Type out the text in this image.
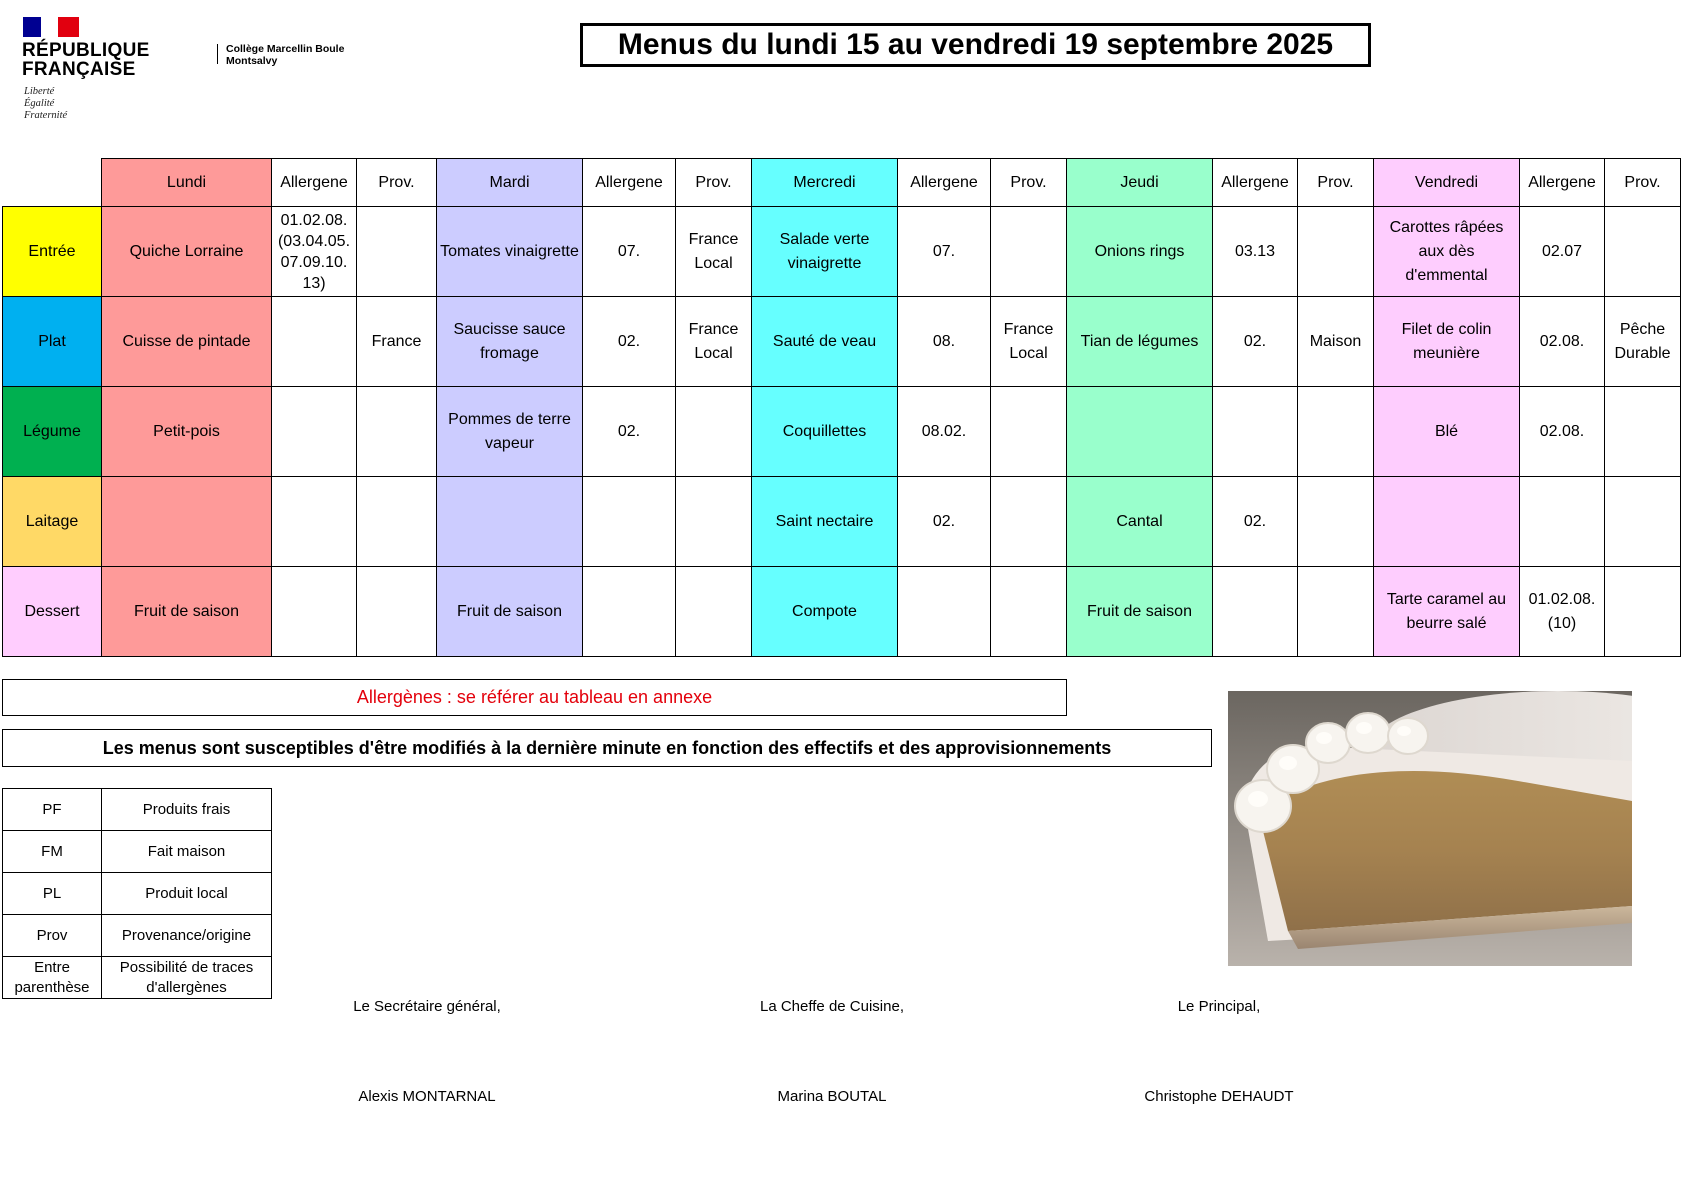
RÉPUBLIQUE
FRANÇAISE
Liberté
Égalité
Fraternité
Collège Marcellin Boule
Montsalvy	Menus du lundi 15 au vendredi 19 septembre 2025
	Lundi	Allergene	Prov.	Mardi	Allergene	Prov.	Mercredi	Allergene	Prov.	Jeudi	Allergene	Prov.	Vendredi	Allergene	Prov.
Entrée	Quiche Lorraine	01.02.08.(03.04.05.07.09.10.13)		Tomates vinaigrette	07.	France Local	Salade verte vinaigrette	07.		Onions rings	03.13		Carottes râpées aux dès d'emmental	02.07	
Plat	Cuisse de pintade		France	Saucisse sauce fromage	02.	France Local	Sauté de veau	08.	France Local	Tian de légumes	02.	Maison	Filet de colin meunière	02.08.	Pêche Durable
Légume	Petit-pois			Pommes de terre vapeur	02.		Coquillettes	08.02.					Blé	02.08.	
Laitage							Saint nectaire	02.		Cantal	02.				
Dessert	Fruit de saison			Fruit de saison			Compote			Fruit de saison			Tarte caramel au beurre salé	01.02.08.(10)	
Allergènes : se référer au tableau en annexe
Les menus sont susceptibles d'être modifiés à la dernière minute en fonction des effectifs et des approvisionnements
PF	Produits frais
FM	Fait maison
PL	Produit local
Prov	Provenance/origine
Entre parenthèse	Possibilité de traces d'allergènes
Le Secrétaire général,
Alexis MONTARNAL
La Cheffe de Cuisine,
Marina BOUTAL
Le Principal,
Christophe DEHAUDT
